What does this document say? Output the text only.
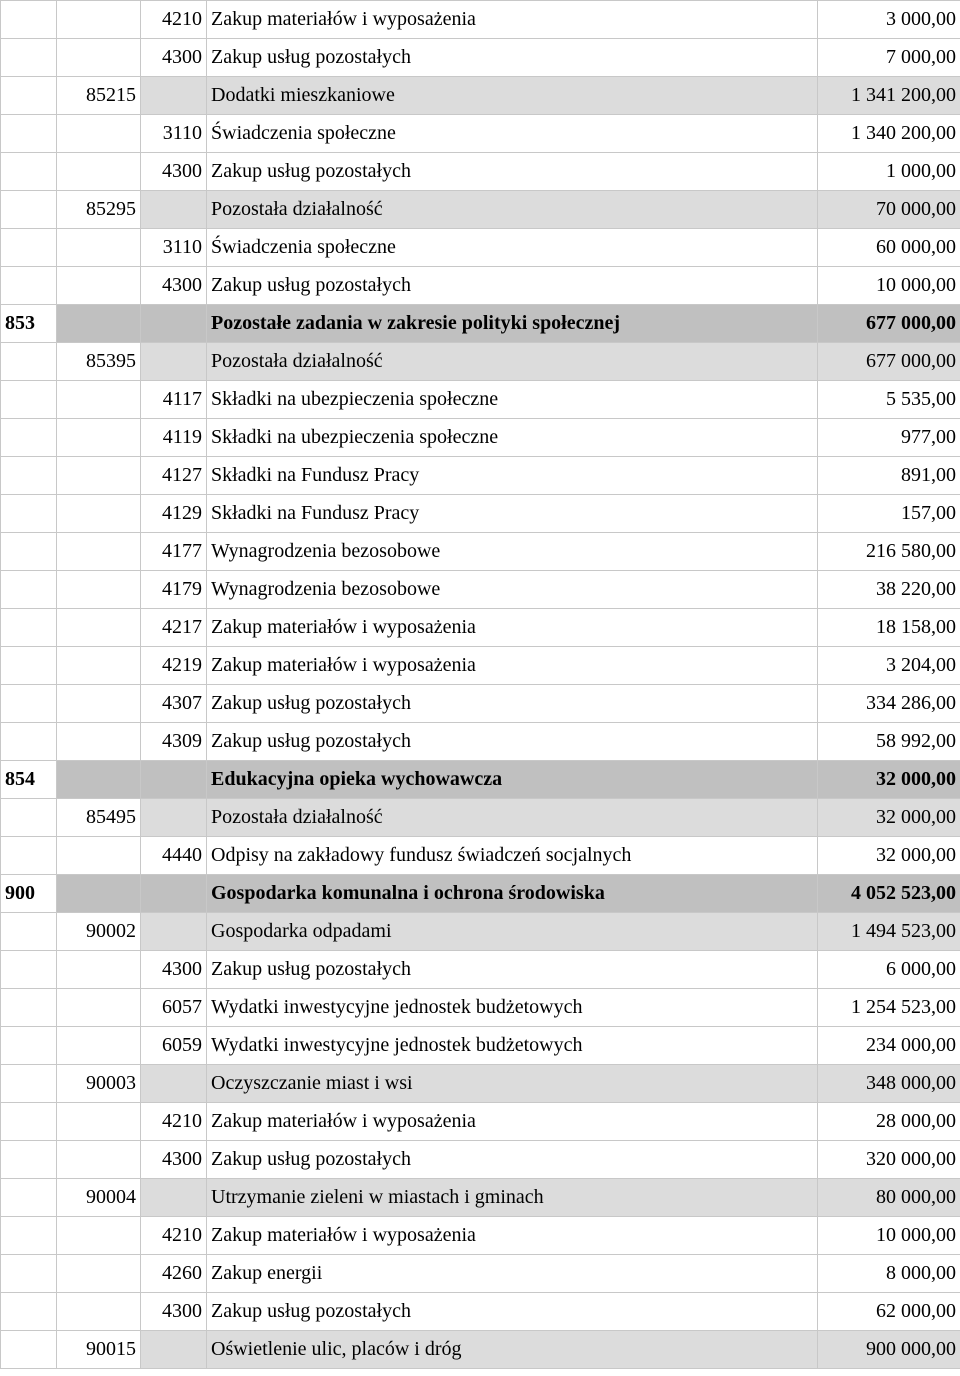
		4210	Zakup materiałów i wyposażenia	3 000,00
		4300	Zakup usług pozostałych	7 000,00
	85215		Dodatki mieszkaniowe	1 341 200,00
		3110	Świadczenia społeczne	1 340 200,00
		4300	Zakup usług pozostałych	1 000,00
	85295		Pozostała działalność	70 000,00
		3110	Świadczenia społeczne	60 000,00
		4300	Zakup usług pozostałych	10 000,00
853			Pozostałe zadania w zakresie polityki społecznej	677 000,00
	85395		Pozostała działalność	677 000,00
		4117	Składki na ubezpieczenia społeczne	5 535,00
		4119	Składki na ubezpieczenia społeczne	977,00
		4127	Składki na Fundusz Pracy	891,00
		4129	Składki na Fundusz Pracy	157,00
		4177	Wynagrodzenia bezosobowe	216 580,00
		4179	Wynagrodzenia bezosobowe	38 220,00
		4217	Zakup materiałów i wyposażenia	18 158,00
		4219	Zakup materiałów i wyposażenia	3 204,00
		4307	Zakup usług pozostałych	334 286,00
		4309	Zakup usług pozostałych	58 992,00
854			Edukacyjna opieka wychowawcza	32 000,00
	85495		Pozostała działalność	32 000,00
		4440	Odpisy na zakładowy fundusz świadczeń socjalnych	32 000,00
900			Gospodarka komunalna i ochrona środowiska	4 052 523,00
	90002		Gospodarka odpadami	1 494 523,00
		4300	Zakup usług pozostałych	6 000,00
		6057	Wydatki inwestycyjne jednostek budżetowych	1 254 523,00
		6059	Wydatki inwestycyjne jednostek budżetowych	234 000,00
	90003		Oczyszczanie miast i wsi	348 000,00
		4210	Zakup materiałów i wyposażenia	28 000,00
		4300	Zakup usług pozostałych	320 000,00
	90004		Utrzymanie zieleni w miastach i gminach	80 000,00
		4210	Zakup materiałów i wyposażenia	10 000,00
		4260	Zakup energii	8 000,00
		4300	Zakup usług pozostałych	62 000,00
	90015		Oświetlenie ulic, placów i dróg	900 000,00
